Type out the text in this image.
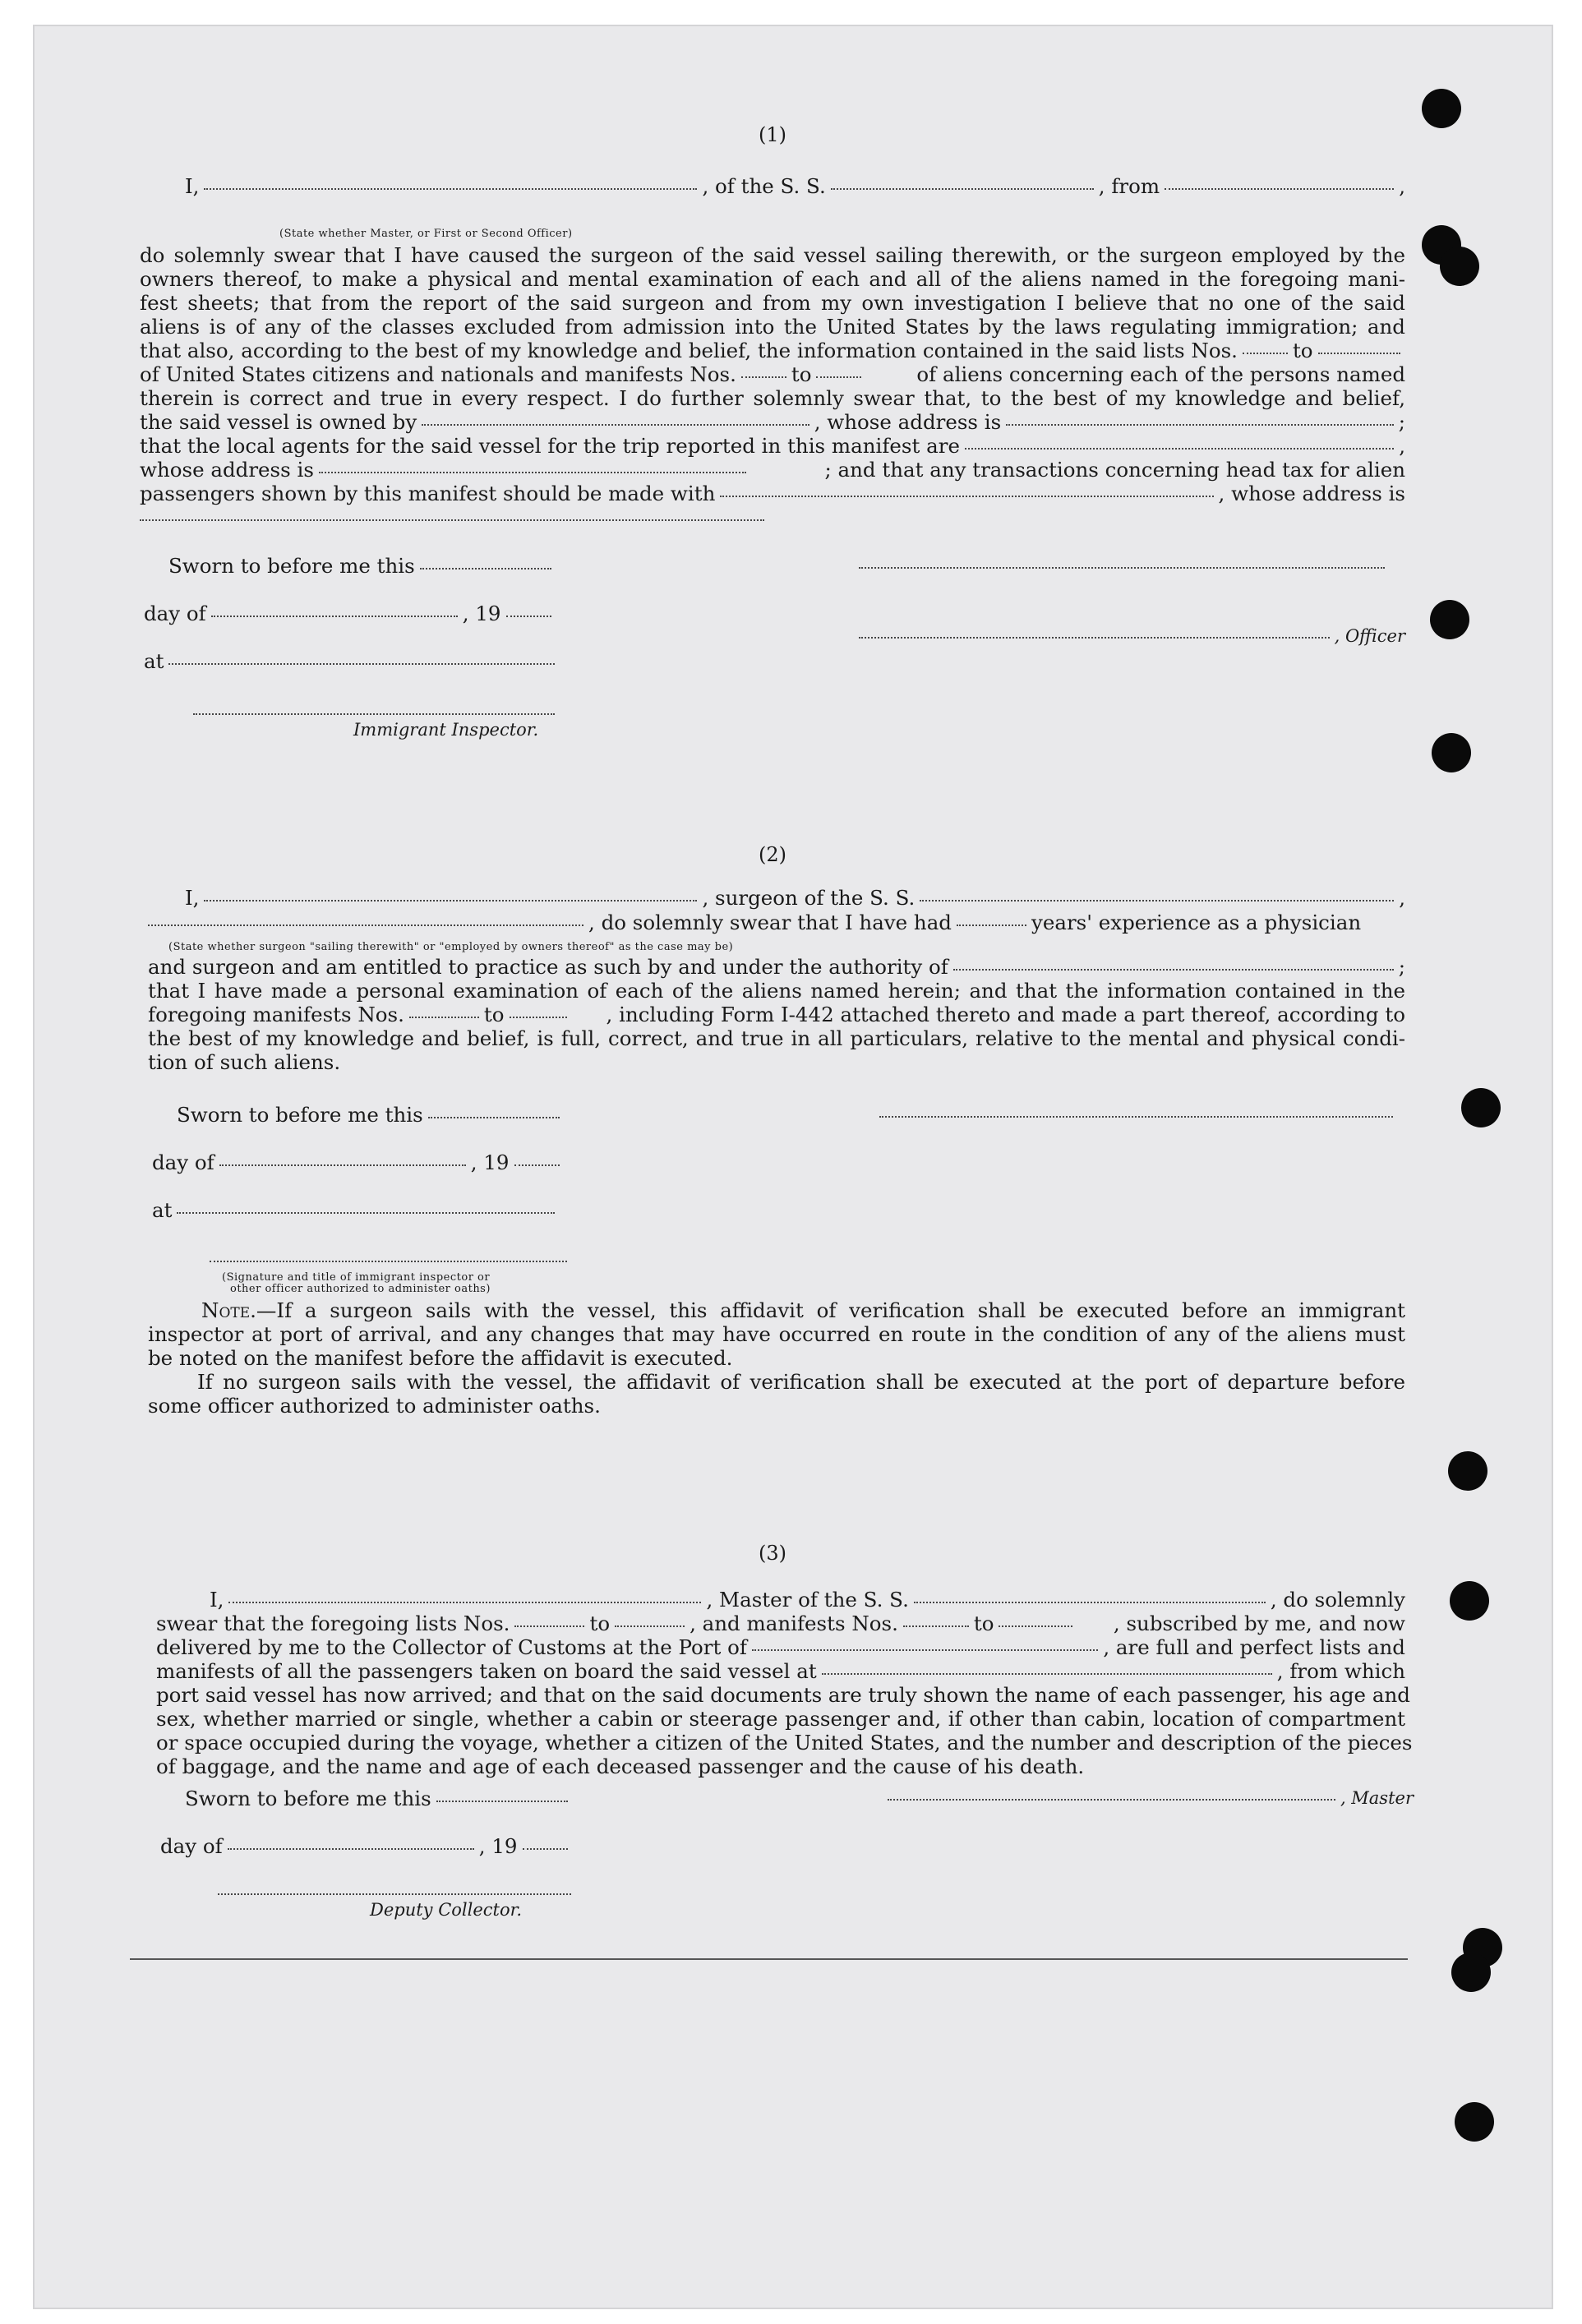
(1)
I,	, of the S. S.	, from	,
(State whether Master, or First or Second Officer)
do solemnly swear that I have caused the surgeon of the said vessel sailing therewith, or the surgeon employed by the
owners thereof, to make a physical and mental examination of each and all of the aliens named in the foregoing mani-
fest sheets; that from the report of the said surgeon and from my own investigation I believe that no one of the said
aliens is of any of the classes excluded from admission into the United States by the laws regulating immigration; and
that also, according to the best of my knowledge and belief, the information contained in the said lists Nos.	to
of United States citizens and nationals and manifests Nos.	to	of aliens concerning each of the persons named
therein is correct and true in every respect. I do further solemnly swear that, to the best of my knowledge and belief,
the said vessel is owned by	, whose address is	;
that the local agents for the said vessel for the trip reported in this manifest are	,
whose address is	; and that any transactions concerning head tax for alien
passengers shown by this manifest should be made with	, whose address is
Sworn to before me this
day of	, 19
at
Immigrant Inspector.
, Officer
(2)
I,	, surgeon of the S. S.	,
, do solemnly swear that I have had	years' experience as a physician
(State whether surgeon "sailing therewith" or "employed by owners thereof" as the case may be)
and surgeon and am entitled to practice as such by and under the authority of	;
that I have made a personal examination of each of the aliens named herein; and that the information contained in the
foregoing manifests Nos.	to	, including Form I-442 attached thereto and made a part thereof, according to
the best of my knowledge and belief, is full, correct, and true in all particulars, relative to the mental and physical condi-
tion of such aliens.
Sworn to before me this
day of	, 19
at
(Signature and title of immigrant inspector or
other officer authorized to administer oaths)
Note. —If a surgeon sails with the vessel, this affidavit of verification shall be executed before an immigrant
inspector at port of arrival, and any changes that may have occurred en route in the condition of any of the aliens must
be noted on the manifest before the affidavit is executed.
If no surgeon sails with the vessel, the affidavit of verification shall be executed at the port of departure before
some officer authorized to administer oaths.
(3)
I,	, Master of the S. S.	, do solemnly
swear that the foregoing lists Nos.	to	, and manifests Nos.	to	, subscribed by me, and now
delivered by me to the Collector of Customs at the Port of	, are full and perfect lists and
manifests of all the passengers taken on board the said vessel at	, from which
port said vessel has now arrived; and that on the said documents are truly shown the name of each passenger, his age and
sex, whether married or single, whether a cabin or steerage passenger and, if other than cabin, location of compartment
or space occupied during the voyage, whether a citizen of the United States, and the number and description of the pieces
of baggage, and the name and age of each deceased passenger and the cause of his death.
Sworn to before me this
day of	, 19
Deputy Collector.
, Master
